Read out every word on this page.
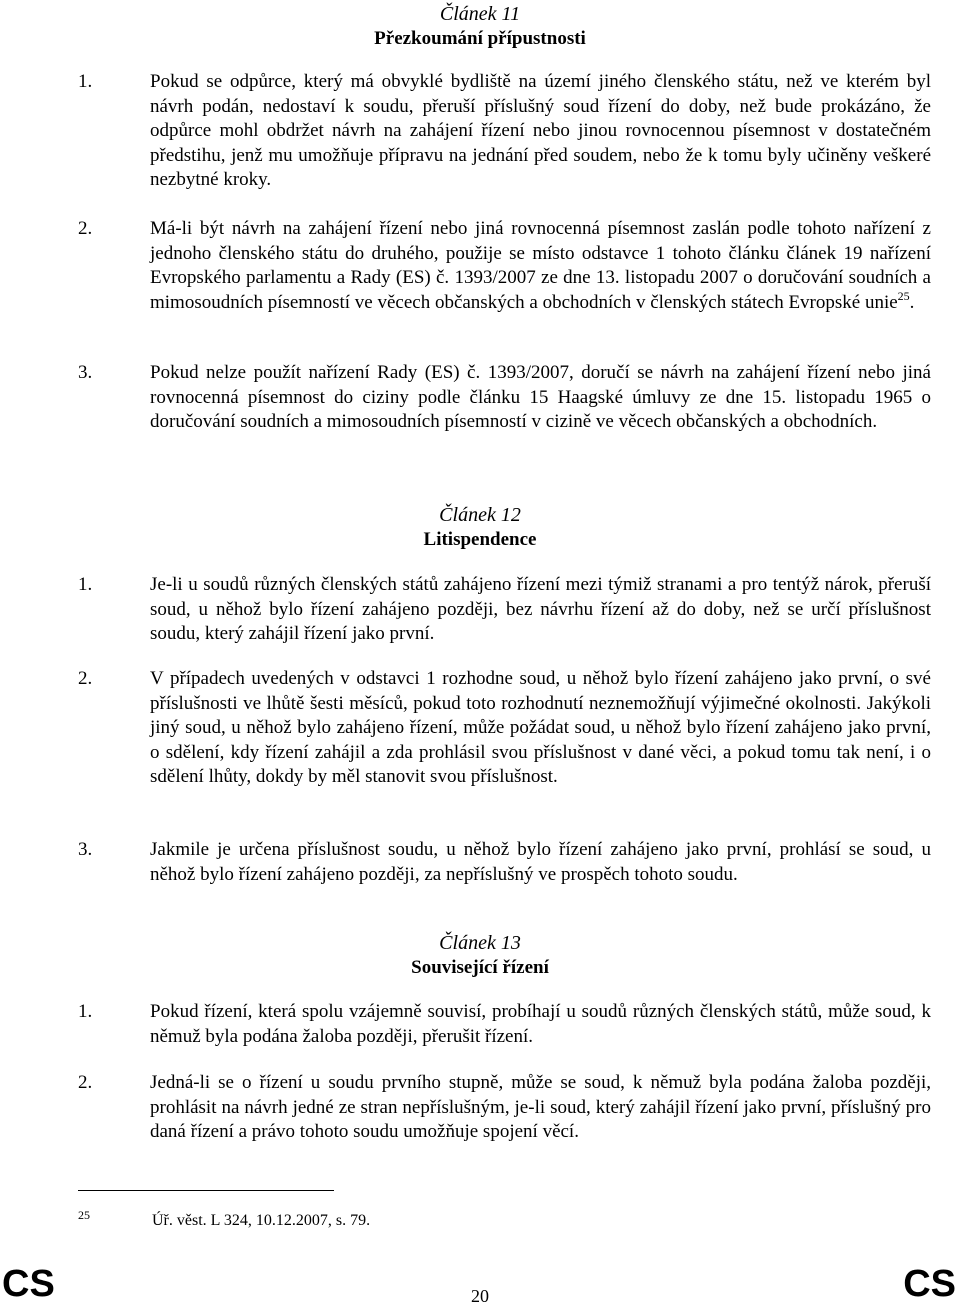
Článek 11
Přezkoumání přípustnosti
1.	Pokud se odpůrce, který má obvyklé bydliště na území jiného členského státu, než ve kterém byl návrh podán, nedostaví k soudu, přeruší příslušný soud řízení do doby, než bude prokázáno, že odpůrce mohl obdržet návrh na zahájení řízení nebo jinou rovnocennou písemnost v dostatečném předstihu, jenž mu umožňuje přípravu na jednání před soudem, nebo že k tomu byly učiněny veškeré nezbytné kroky.
2.	Má-li být návrh na zahájení řízení nebo jiná rovnocenná písemnost zaslán podle tohoto nařízení z jednoho členského státu do druhého, použije se místo odstavce 1 tohoto článku článek 19 nařízení Evropského parlamentu a Rady (ES) č. 1393/2007 ze dne 13. listopadu 2007 o doručování soudních a mimosoudních písemností ve věcech občanských a obchodních v členských státech Evropské unie$^{25}$.
3.	Pokud nelze použít nařízení Rady (ES) č. 1393/2007, doručí se návrh na zahájení řízení nebo jiná rovnocenná písemnost do ciziny podle článku 15 Haagské úmluvy ze dne 15. listopadu 1965 o doručování soudních a mimosoudních písemností v cizině ve věcech občanských a obchodních.
Článek 12
Litispendence
1.	Je-li u soudů různých členských států zahájeno řízení mezi týmiž stranami a pro tentýž nárok, přeruší soud, u něhož bylo řízení zahájeno později, bez návrhu řízení až do doby, než se určí příslušnost soudu, který zahájil řízení jako první.
2.	V případech uvedených v odstavci 1 rozhodne soud, u něhož bylo řízení zahájeno jako první, o své příslušnosti ve lhůtě šesti měsíců, pokud toto rozhodnutí neznemožňují výjimečné okolnosti. Jakýkoli jiný soud, u něhož bylo zahájeno řízení, může požádat soud, u něhož bylo řízení zahájeno jako první, o sdělení, kdy řízení zahájil a zda prohlásil svou příslušnost v dané věci, a pokud tomu tak není, i o sdělení lhůty, dokdy by měl stanovit svou příslušnost.
3.	Jakmile je určena příslušnost soudu, u něhož bylo řízení zahájeno jako první, prohlásí se soud, u něhož bylo řízení zahájeno později, za nepříslušný ve prospěch tohoto soudu.
Článek 13
Související řízení
1.	Pokud řízení, která spolu vzájemně souvisí, probíhají u soudů různých členských států, může soud, k němuž byla podána žaloba později, přerušit řízení.
2.	Jedná-li se o řízení u soudu prvního stupně, může se soud, k němuž byla podána žaloba později, prohlásit na návrh jedné ze stran nepříslušným, je-li soud, který zahájil řízení jako první, příslušný pro daná řízení a právo tohoto soudu umožňuje spojení věcí.
25	Úř. věst. L 324, 10.12.2007, s. 79.
CS	20	CS
